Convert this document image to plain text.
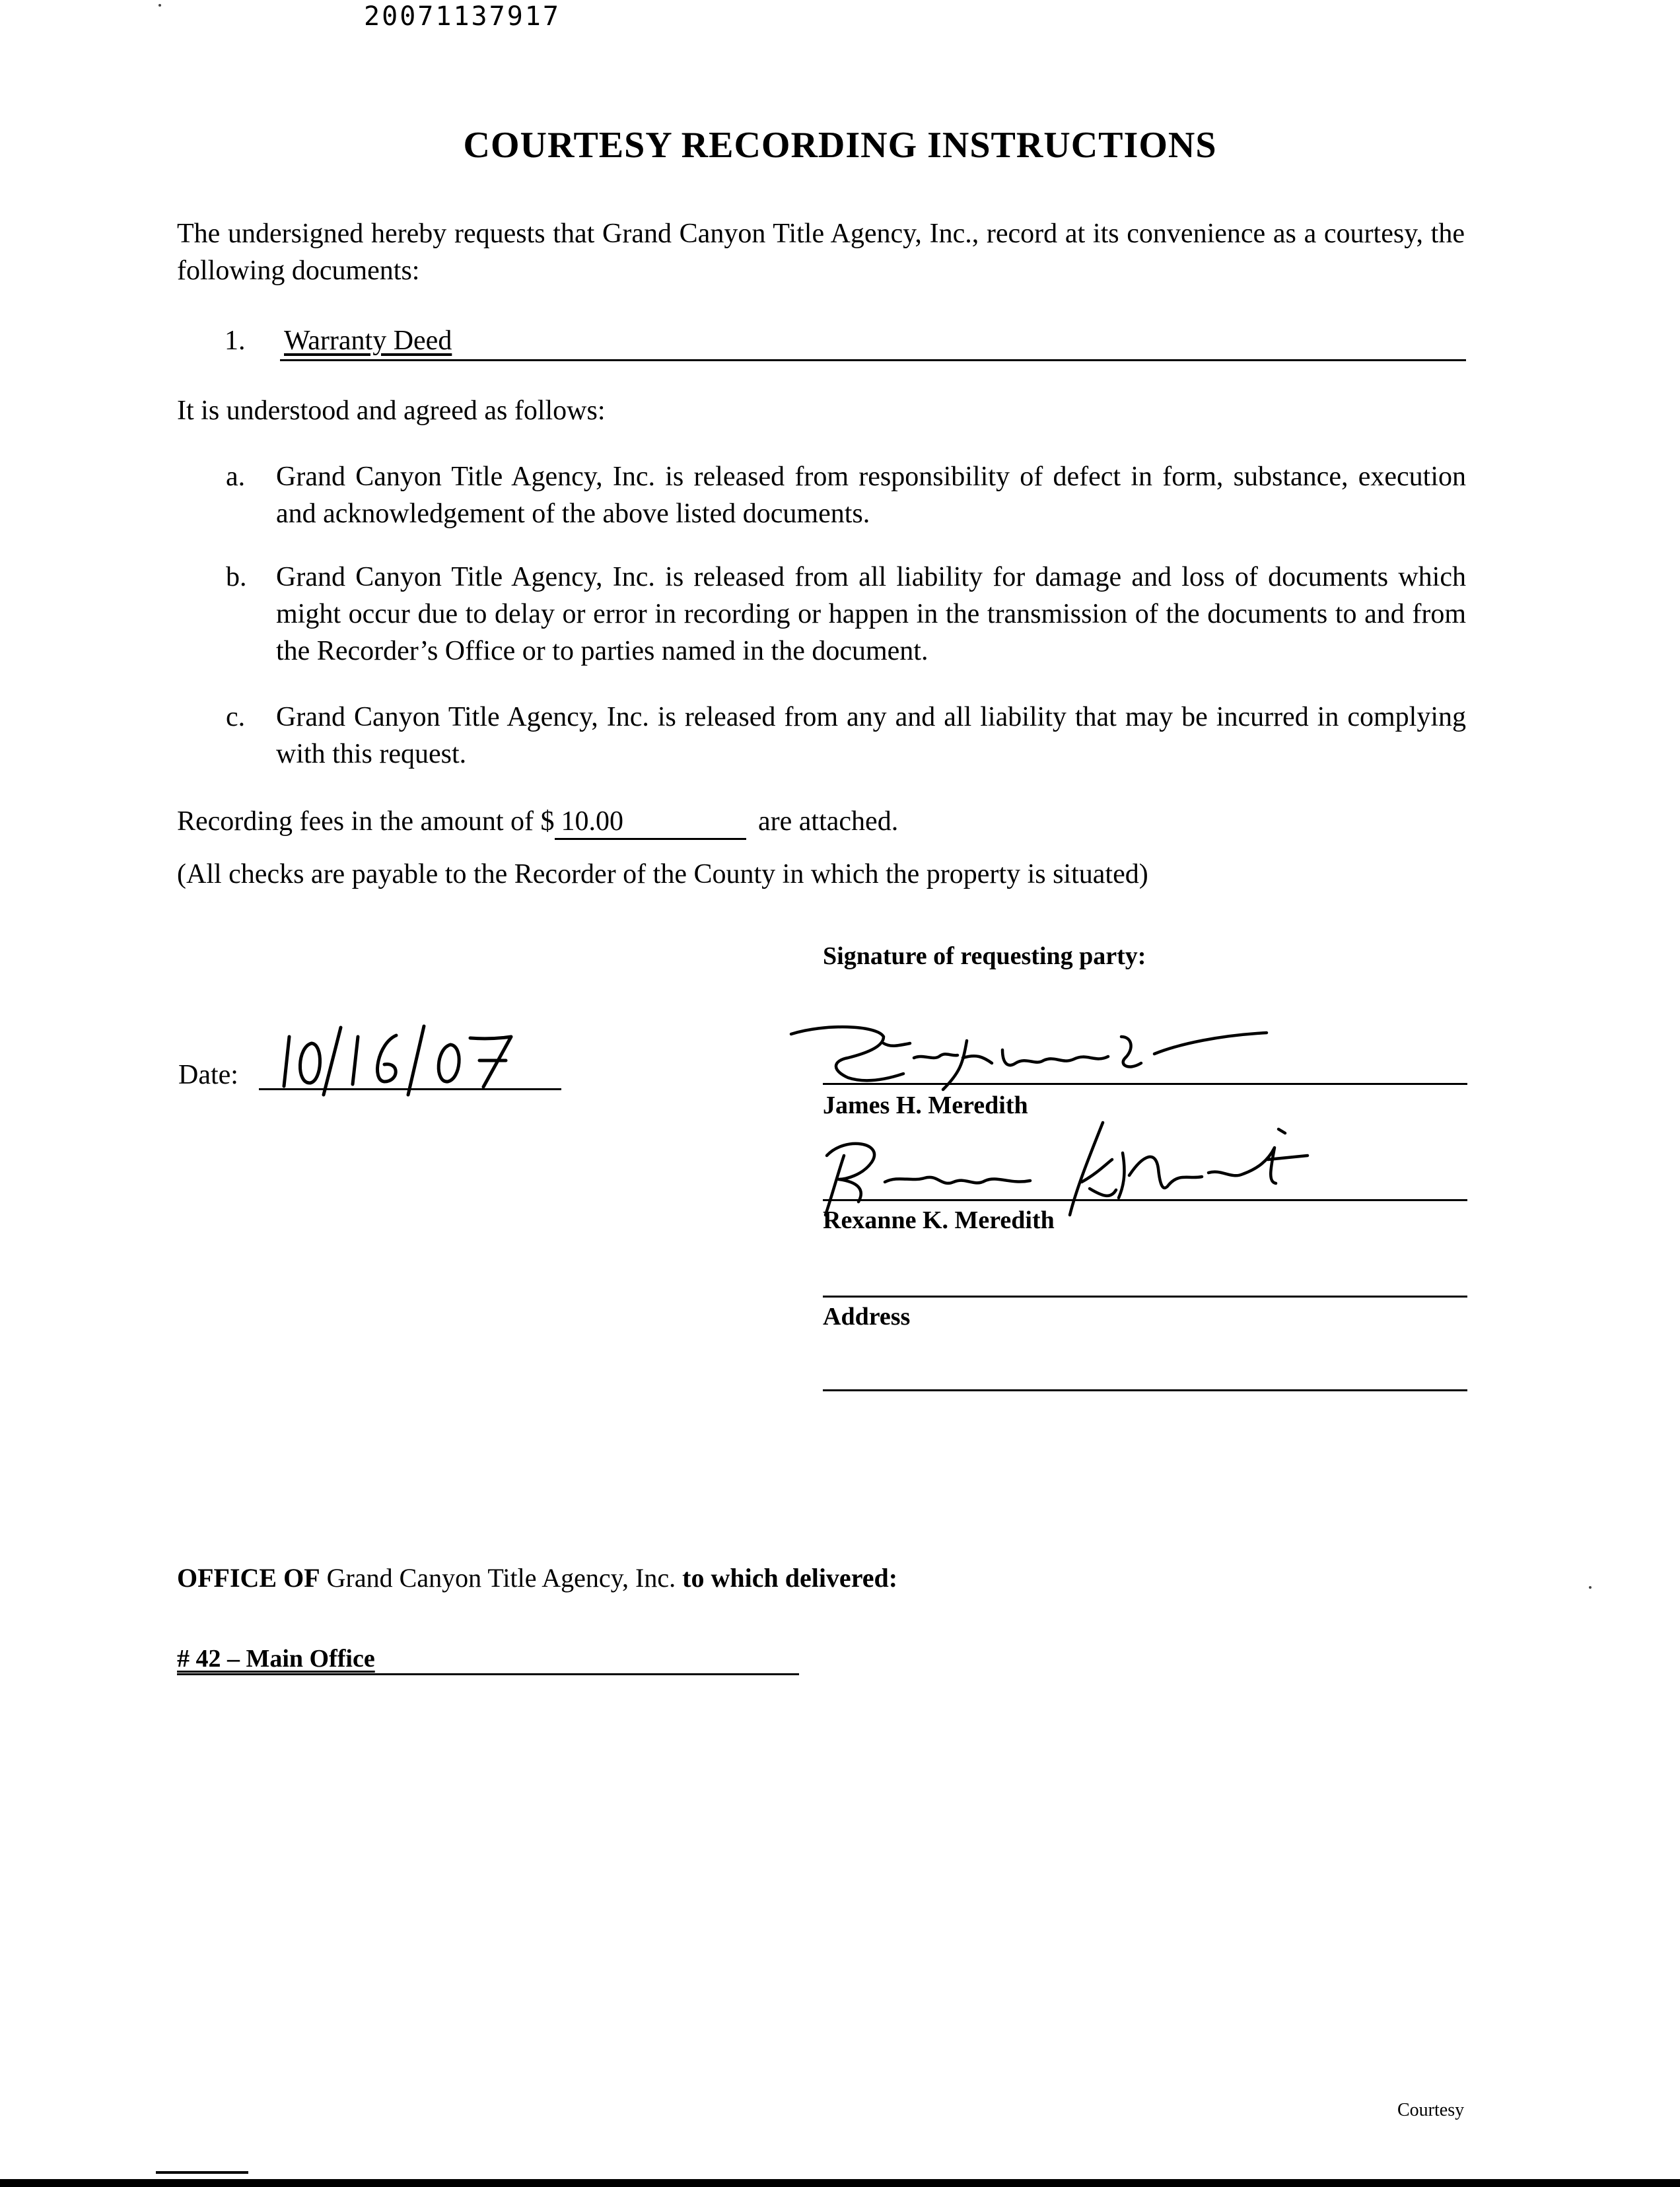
20071137917
COURTESY RECORDING INSTRUCTIONS
The undersigned hereby requests that Grand Canyon Title Agency, Inc., record at its convenience as a courtesy, the following documents:
1. Warranty Deed
It is understood and agreed as follows:
a. Grand Canyon Title Agency, Inc. is released from responsibility of defect in form, substance, execution and acknowledgement of the above listed documents.
b. Grand Canyon Title Agency, Inc. is released from all liability for damage and loss of documents which might occur due to delay or error in recording or happen in the transmission of the documents to and from the Recorder’s Office or to parties named in the document.
c. Grand Canyon Title Agency, Inc. is released from any and all liability that may be incurred in complying with this request.
Recording fees in the amount of $ 10.00	are attached.
(All checks are payable to the Recorder of the County in which the property is situated)
Signature of requesting party:
Date:
James H. Meredith
Rexanne K. Meredith
Address
OFFICE OF Grand Canyon Title Agency, Inc. to which delivered:
# 42 – Main Office
Courtesy
